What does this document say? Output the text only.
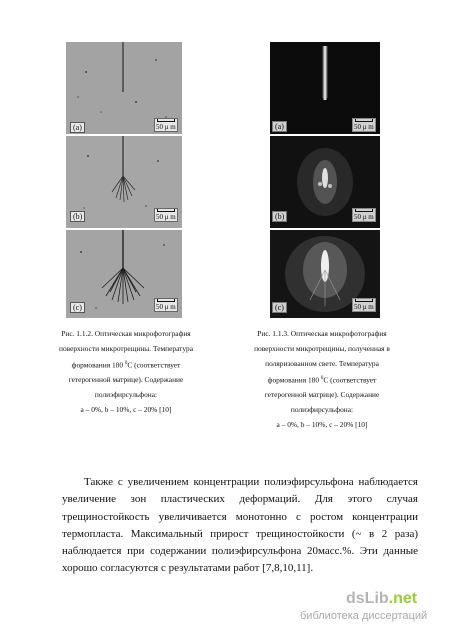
(a)	50 μ m
(b)	50 μ m
(c)	50 μ m
(a)	50 μ m
(b)	50 μ m
(c)	50 μ m
Рис. 1.1.2. Оптическая микрофотография
поверхности микротрещины. Температура
формования 180 $^0$С (соответствует
гетерогенной матрице). Содержание
полиэфирсульфона:
а – 0%, b – 10%, c – 20% [10]
Рис. 1.1.3. Оптическая микрофотография
поверхности микротрещины, полученная в
поляризованном свете. Температура
формования 180 $^0$С (соответствует
гетерогенной матрице). Содержание
полиэфирсульфона:
а – 0%, b – 10%, c – 20% [10]
Также с увеличением концентрации полиэфирсульфона наблюдается
увеличение зон пластических деформаций. Для этого случая
трещиностойкость увеличивается монотонно с ростом концентрации
термопласта. Максимальный прирост трещиностойкости (~ в 2 раза)
наблюдается при содержании полиэфирсульфона 20масс.%. Эти данные
хорошо согласуются с результатами работ [7,8,10,11].
dsLib.net
библиотека диссертаций
